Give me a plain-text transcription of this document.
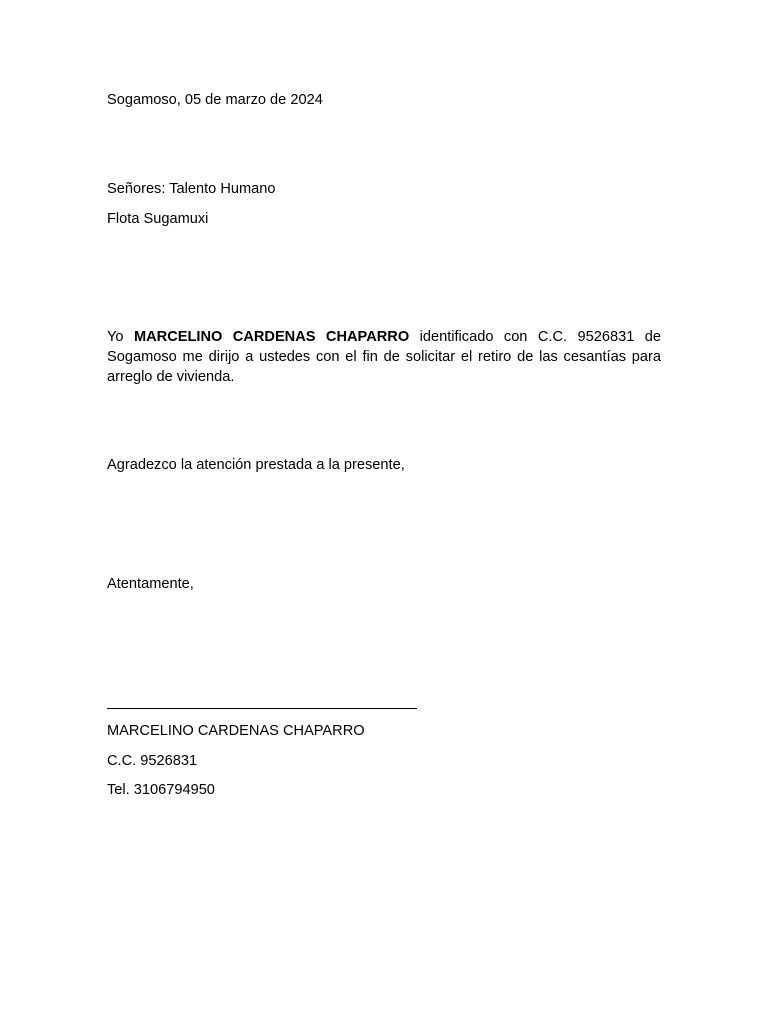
Sogamoso, 05 de marzo de 2024
Señores: Talento Humano
Flota Sugamuxi

Yo MARCELINO CARDENAS CHAPARRO identificado con C.C. 9526831 de Sogamoso me dirijo a ustedes con el fin de solicitar el retiro de las cesantías para arreglo de vivienda.

Agradezco la atención prestada a la presente,
Atentamente,
MARCELINO CARDENAS CHAPARRO
C.C. 9526831
Tel. 3106794950
